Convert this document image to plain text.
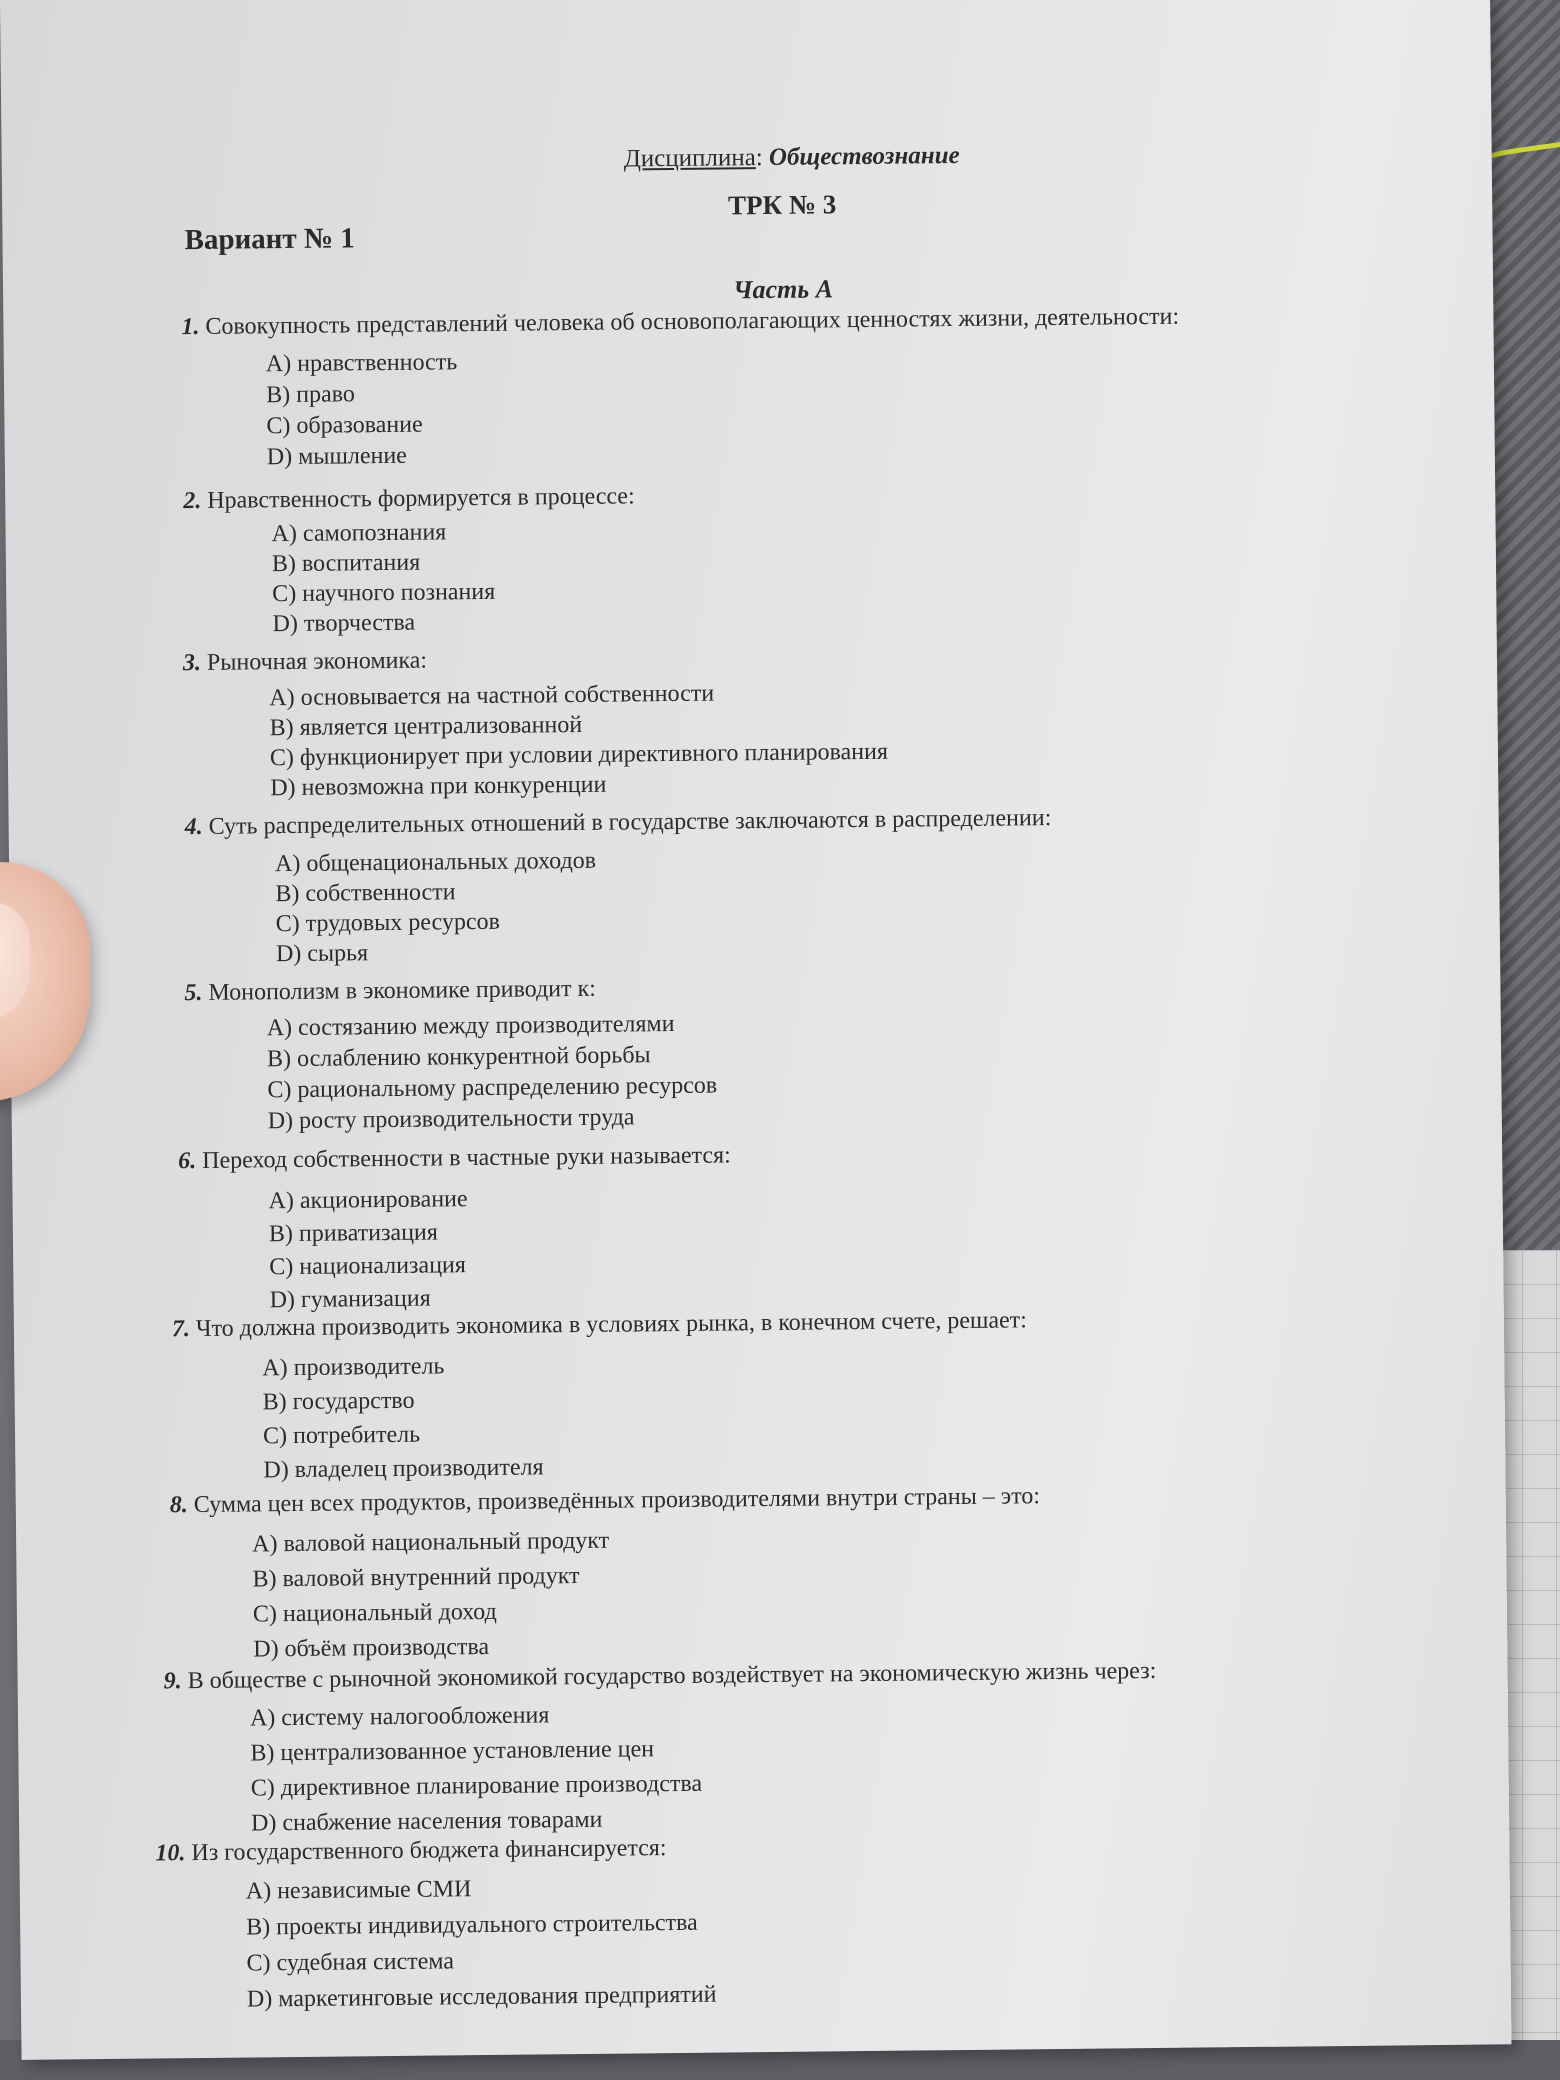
Дисциплина: Обществознание
ТРК № 3
Вариант № 1
Часть А
1. Совокупность представлений человека об основополагающих ценностях жизни, деятельности:
А) нравственность
В) право
С) образование
D) мышление
2. Нравственность формируется в процессе:
А) самопознания
В) воспитания
С) научного познания
D) творчества
3. Рыночная экономика:
А) основывается на частной собственности
В) является централизованной
С) функционирует при условии директивного планирования
D) невозможна при конкуренции
4. Суть распределительных отношений в государстве заключаются в распределении:
А) общенациональных доходов
В) собственности
С) трудовых ресурсов
D) сырья
5. Монополизм в экономике приводит к:
А) состязанию между производителями
В) ослаблению конкурентной борьбы
С) рациональному распределению ресурсов
D) росту производительности труда
6. Переход собственности в частные руки называется:
А) акционирование
В) приватизация
С) национализация
D) гуманизация
7. Что должна производить экономика в условиях рынка, в конечном счете, решает:
А) производитель
В) государство
С) потребитель
D) владелец производителя
8. Сумма цен всех продуктов, произведённых производителями внутри страны – это:
А) валовой национальный продукт
В) валовой внутренний продукт
С) национальный доход
D) объём производства
9. В обществе с рыночной экономикой государство воздействует на экономическую жизнь через:
А) систему налогообложения
В) централизованное установление цен
С) директивное планирование производства
D) снабжение населения товарами
10. Из государственного бюджета финансируется:
А) независимые СМИ
В) проекты индивидуального строительства
С) судебная система
D) маркетинговые исследования предприятий
